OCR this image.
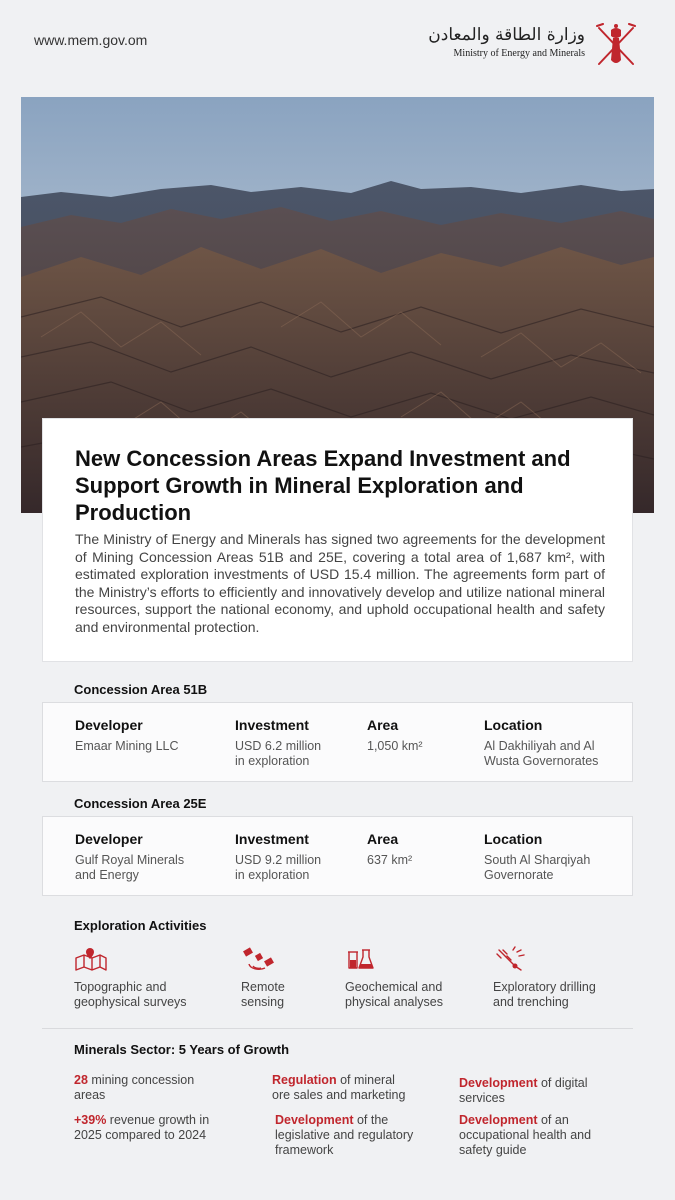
www.mem.gov.om	وزارة الطاقة والمعادن
Ministry of Energy and Minerals
New Concession Areas Expand Investment and Support Growth in Mineral Exploration and Production

The Ministry of Energy and Minerals has signed two agreements for the development of Mining Concession Areas 51B and 25E, covering a total area of 1,687 km², with estimated exploration investments of USD 15.4 million. The agreements form part of the Ministry’s efforts to efficiently and innovatively develop and utilize national mineral resources, support the national economy, and uphold occupational health and safety and environmental protection.

Concession Area 51B
Developer
Emaar Mining LLC
Investment
USD 6.2 million
in exploration
Area
1,050 km²
Location
Al Dakhiliyah and Al
Wusta Governorates
Concession Area 25E
Developer
Gulf Royal Minerals
and Energy
Investment
USD 9.2 million
in exploration
Area
637 km²
Location
South Al Sharqiyah
Governorate
Exploration Activities
Topographic and
geophysical surveys
Remote
sensing
Geochemical and
physical analyses
Exploratory drilling
and trenching
Minerals Sector: 5 Years of Growth
28 mining concession
areas
+39% revenue growth in
2025 compared to 2024
Regulation of mineral
ore sales and marketing
Development of the
legislative and regulatory
framework
Development of digital
services
Development of an
occupational health and
safety guide
